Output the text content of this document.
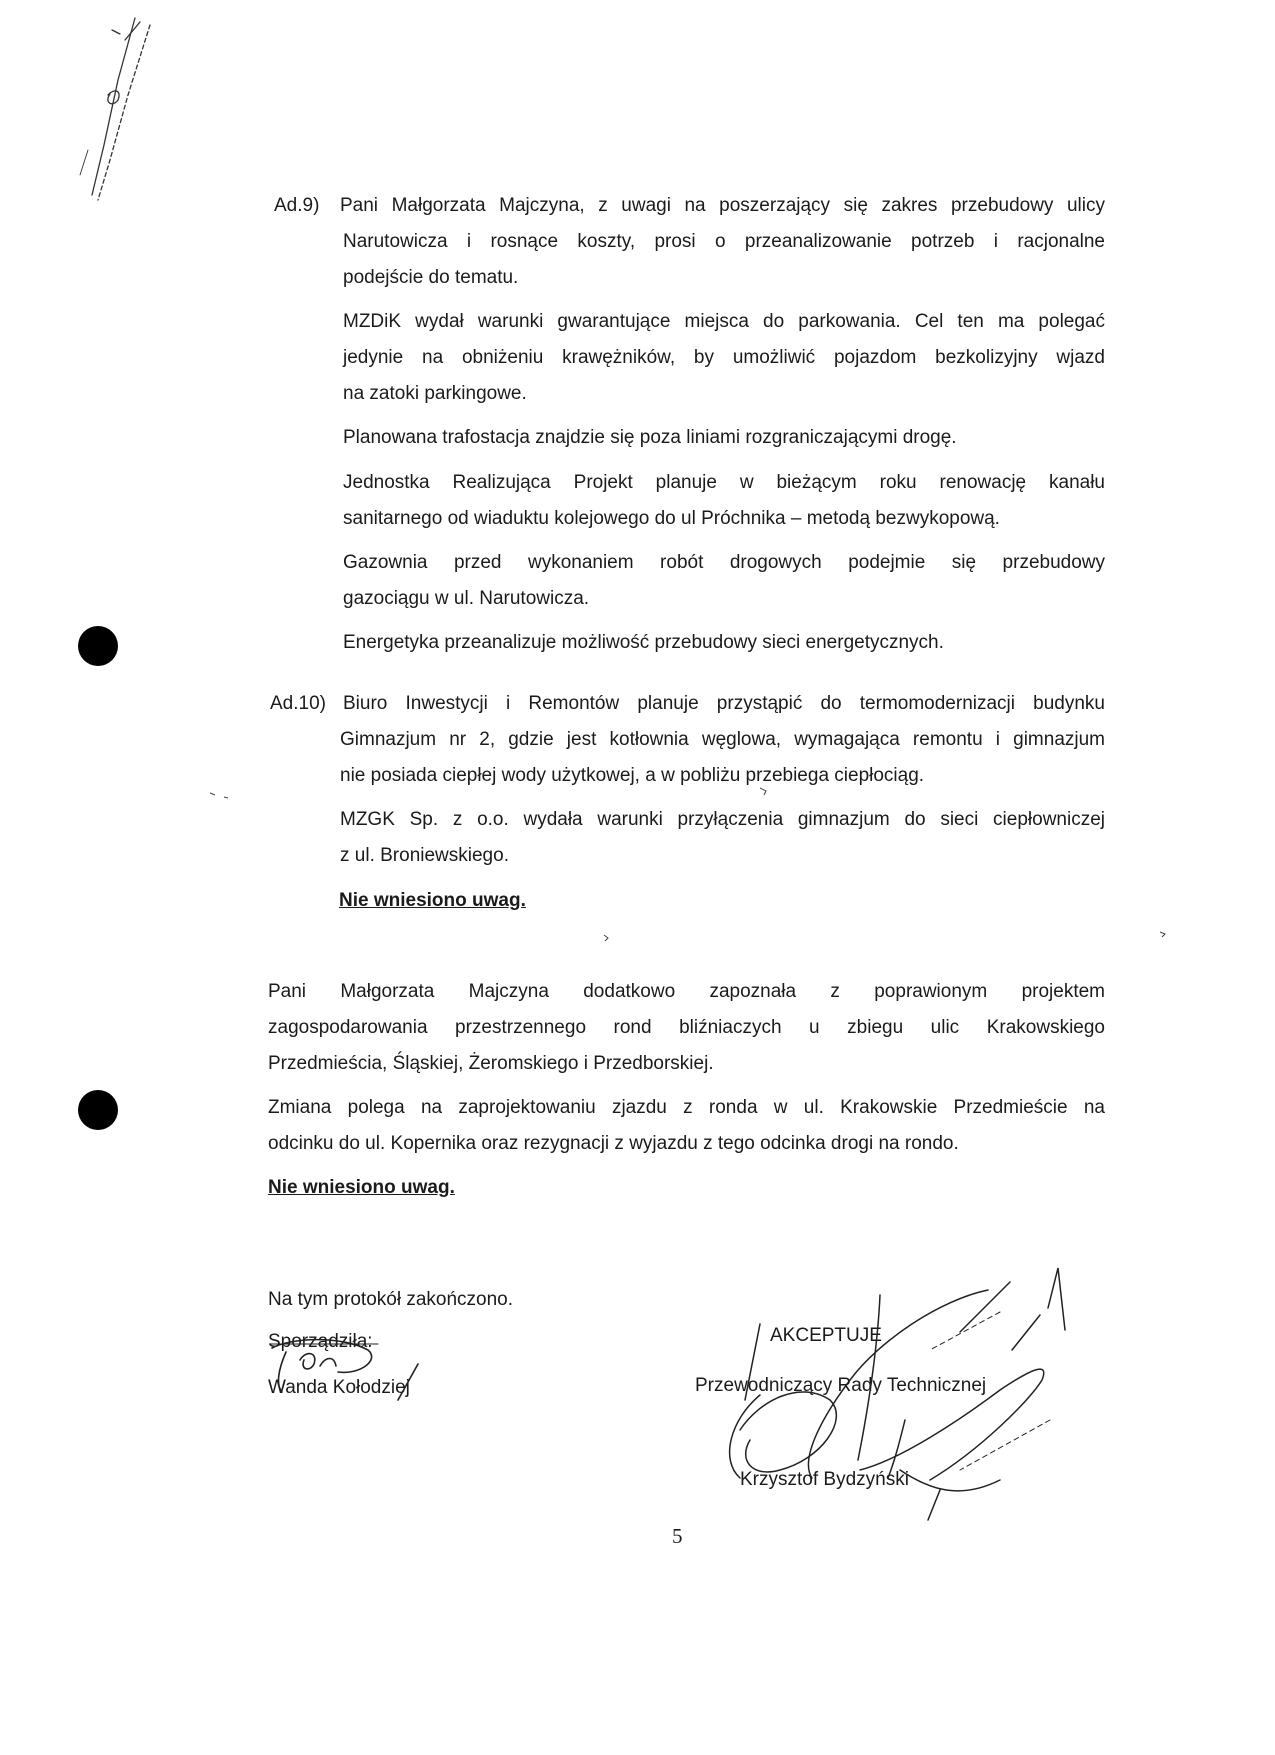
Ad.9) Pani Małgorzata Majczyna, z uwagi na poszerzający się zakres przebudowy ulicy
Narutowicza i rosnące koszty, prosi o przeanalizowanie potrzeb i racjonalne
podejście do tematu.
MZDiK wydał warunki gwarantujące miejsca do parkowania. Cel ten ma polegać
jedynie na obniżeniu krawężników, by umożliwić pojazdom bezkolizyjny wjazd
na zatoki parkingowe.
Planowana trafostacja znajdzie się poza liniami rozgraniczającymi drogę.
Jednostka Realizująca Projekt planuje w bieżącym roku renowację kanału
sanitarnego od wiaduktu kolejowego do ul Próchnika – metodą bezwykopową.
Gazownia przed wykonaniem robót drogowych podejmie się przebudowy
gazociągu w ul. Narutowicza.
Energetyka przeanalizuje możliwość przebudowy sieci energetycznych.
Ad.10) Biuro Inwestycji i Remontów planuje przystąpić do termomodernizacji budynku
Gimnazjum nr 2, gdzie jest kotłownia węglowa, wymagająca remontu i gimnazjum
nie posiada ciepłej wody użytkowej, a w pobliżu przebiega ciepłociąg.
MZGK Sp. z o.o. wydała warunki przyłączenia gimnazjum do sieci ciepłowniczej
z ul. Broniewskiego.
Nie wniesiono uwag.
Pani Małgorzata Majczyna dodatkowo zapoznała z poprawionym projektem
zagospodarowania przestrzennego rond bliźniaczych u zbiegu ulic Krakowskiego
Przedmieścia, Śląskiej, Żeromskiego i Przedborskiej.
Zmiana polega na zaprojektowaniu zjazdu z ronda w ul. Krakowskie Przedmieście na
odcinku do ul. Kopernika oraz rezygnacji z wyjazdu z tego odcinka drogi na rondo.
Nie wniesiono uwag.
Na tym protokół zakończono.
Sporządziła:
Wanda Kołodziej
AKCEPTUJE
Przewodniczący Rady Technicznej
Krzysztof Bydzyński
5
